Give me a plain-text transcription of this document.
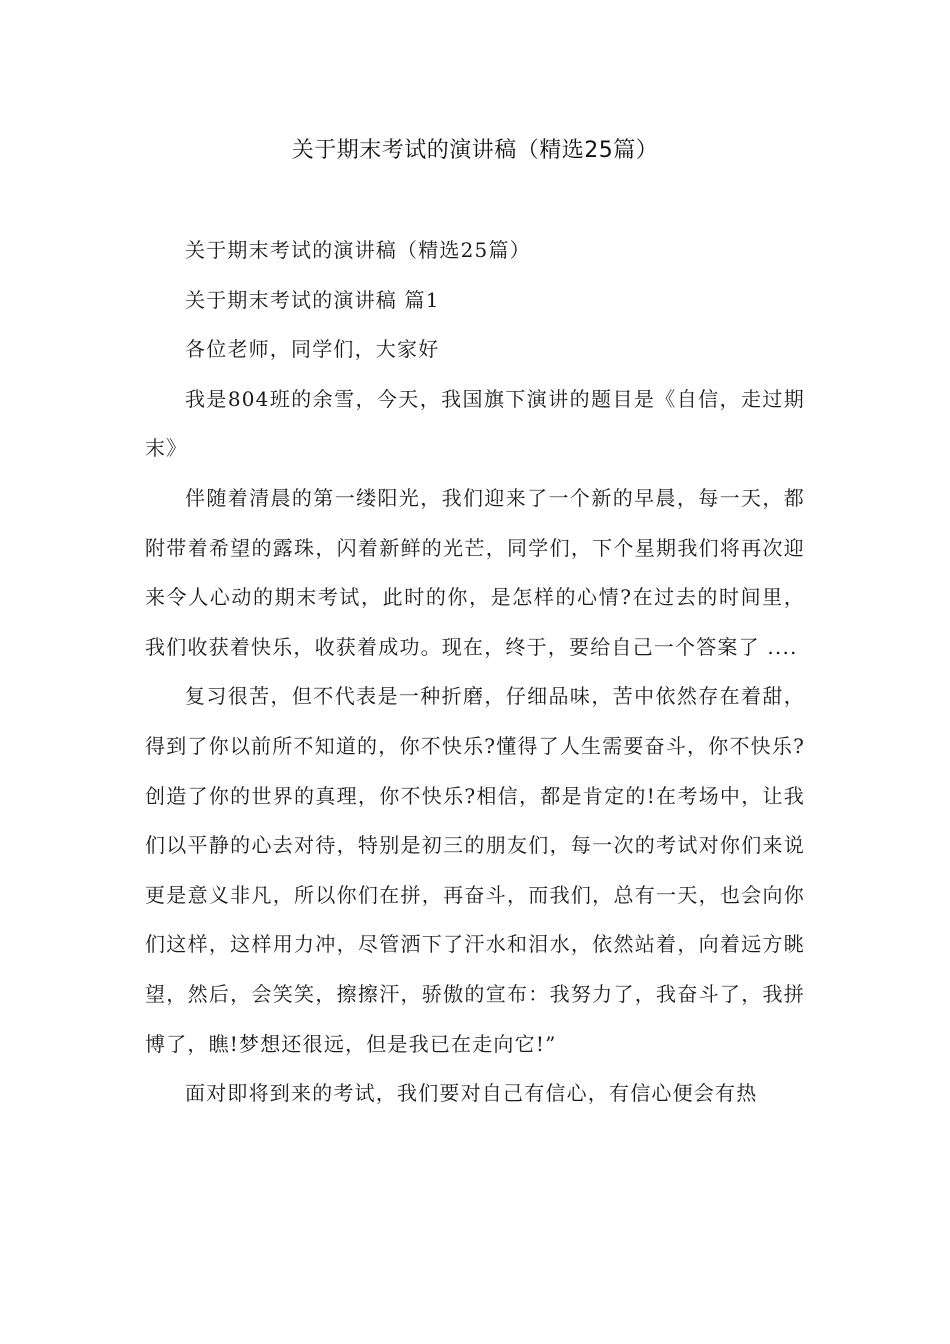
关于期末考试的演讲稿（精选25篇）

关于期末考试的演讲稿（精选25篇）

关于期末考试的演讲稿 篇1

各位老师，同学们，大家好

我是804班的余雪，今天，我国旗下演讲的题目是《自信，走过期末》

伴随着清晨的第一缕阳光，我们迎来了一个新的早晨，每一天，都附带着希望的露珠，闪着新鲜的光芒，同学们，下个星期我们将再次迎来令人心动的期末考试，此时的你，是怎样的心情?在过去的时间里，我们收获着快乐，收获着成功。现在，终于，要给自己一个答案了 ....

复习很苦，但不代表是一种折磨，仔细品味，苦中依然存在着甜，得到了你以前所不知道的，你不快乐?懂得了人生需要奋斗，你不快乐?创造了你的世界的真理，你不快乐?相信，都是肯定的!在考场中，让我们以平静的心去对待，特别是初三的朋友们，每一次的考试对你们来说更是意义非凡，所以你们在拼，再奋斗，而我们，总有一天，也会向你们这样，这样用力冲，尽管洒下了汗水和泪水，依然站着，向着远方眺望，然后，会笑笑，擦擦汗，骄傲的宣布：我努力了，我奋斗了，我拼博了，瞧!梦想还很远，但是我已在走向它!”

面对即将到来的考试，我们要对自己有信心，有信心便会有热
